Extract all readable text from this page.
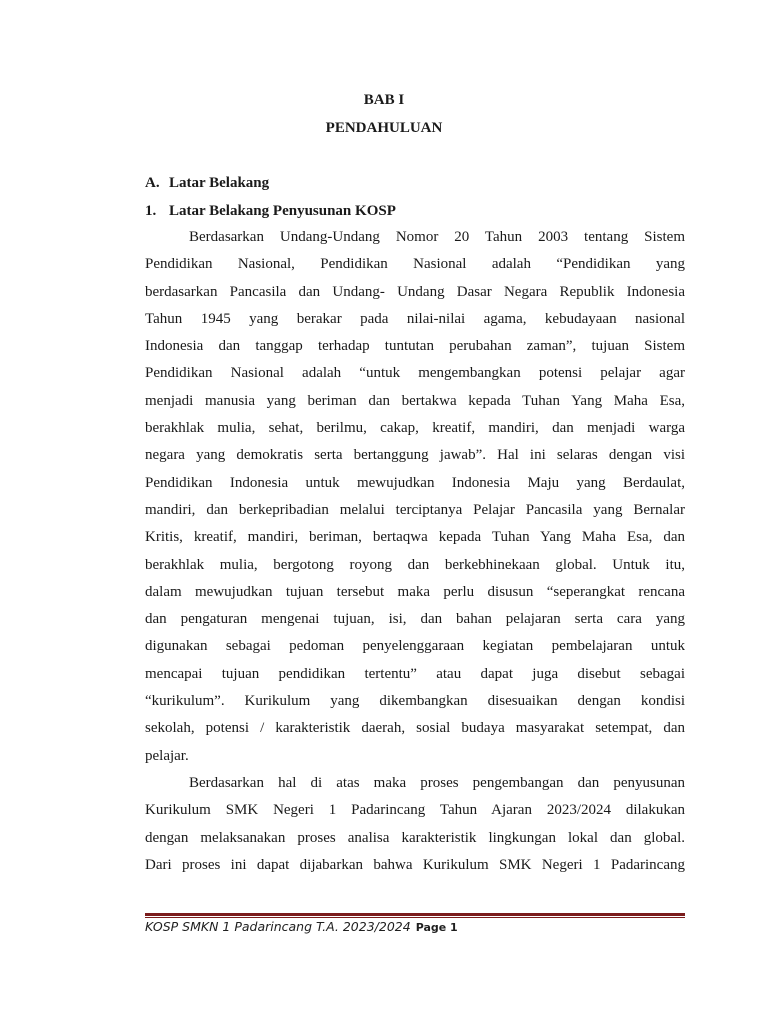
BAB I
PENDAHULUAN
A. Latar Belakang
1. Latar Belakang Penyusunan KOSP
Berdasarkan Undang-Undang Nomor 20 Tahun 2003 tentang Sistem
Pendidikan Nasional, Pendidikan Nasional adalah “Pendidikan yang
berdasarkan Pancasila dan Undang- Undang Dasar Negara Republik Indonesia
Tahun 1945 yang berakar pada nilai-nilai agama, kebudayaan nasional
Indonesia dan tanggap terhadap tuntutan perubahan zaman”, tujuan Sistem
Pendidikan Nasional adalah “untuk mengembangkan potensi pelajar agar
menjadi manusia yang beriman dan bertakwa kepada Tuhan Yang Maha Esa,
berakhlak mulia, sehat, berilmu, cakap, kreatif, mandiri, dan menjadi warga
negara yang demokratis serta bertanggung jawab”. Hal ini selaras dengan visi
Pendidikan Indonesia untuk mewujudkan Indonesia Maju yang Berdaulat,
mandiri, dan berkepribadian melalui terciptanya Pelajar Pancasila yang Bernalar
Kritis, kreatif, mandiri, beriman, bertaqwa kepada Tuhan Yang Maha Esa, dan
berakhlak mulia, bergotong royong dan berkebhinekaan global. Untuk itu,
dalam mewujudkan tujuan tersebut maka perlu disusun “seperangkat rencana
dan pengaturan mengenai tujuan, isi, dan bahan pelajaran serta cara yang
digunakan sebagai pedoman penyelenggaraan kegiatan pembelajaran untuk
mencapai tujuan pendidikan tertentu” atau dapat juga disebut sebagai
“kurikulum”. Kurikulum yang dikembangkan disesuaikan dengan kondisi
sekolah, potensi / karakteristik daerah, sosial budaya masyarakat setempat, dan
pelajar.
Berdasarkan hal di atas maka proses pengembangan dan penyusunan
Kurikulum SMK Negeri 1 Padarincang Tahun Ajaran 2023/2024 dilakukan
dengan melaksanakan proses analisa karakteristik lingkungan lokal dan global.
Dari proses ini dapat dijabarkan bahwa Kurikulum SMK Negeri 1 Padarincang
KOSP SMKN 1 Padarincang T.A. 2023/2024 Page 1
